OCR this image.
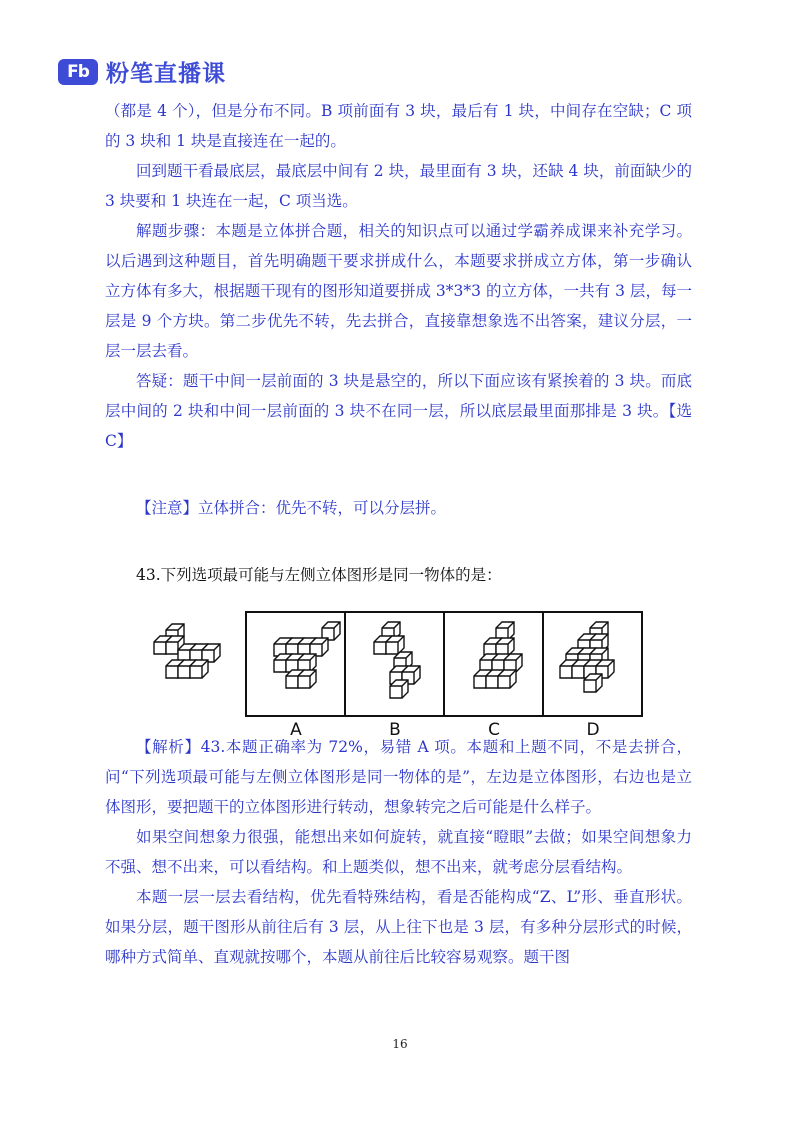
Fb 粉笔直播课

（都是 4 个），但是分布不同。B 项前面有 3 块，最后有 1 块，中间存在空缺；C 项的 3 块和 1 块是直接连在一起的。

回到题干看最底层，最底层中间有 2 块，最里面有 3 块，还缺 4 块，前面缺少的 3 块要和 1 块连在一起，C 项当选。

解题步骤：本题是立体拼合题，相关的知识点可以通过学霸养成课来补充学习。以后遇到这种题目，首先明确题干要求拼成什么，本题要求拼成立方体，第一步确认立方体有多大，根据题干现有的图形知道要拼成 3*3*3 的立方体，一共有 3 层，每一层是 9 个方块。第二步优先不转，先去拼合，直接靠想象选不出答案，建议分层，一层一层去看。

答疑：题干中间一层前面的 3 块是悬空的，所以下面应该有紧挨着的 3 块。而底层中间的 2 块和中间一层前面的 3 块不在同一层，所以底层最里面那排是 3 块。【选 C】

【注意】立体拼合：优先不转，可以分层拼。

43.下列选项最可能与左侧立体图形是同一物体的是：

【解析】43.本题正确率为 72%，易错 A 项。本题和上题不同，不是去拼合，问“下列选项最可能与左侧立体图形是同一物体的是”，左边是立体图形，右边也是立体图形，要把题干的立体图形进行转动，想象转完之后可能是什么样子。

如果空间想象力很强，能想出来如何旋转，就直接“瞪眼”去做；如果空间想象力不强、想不出来，可以看结构。和上题类似，想不出来，就考虑分层看结构。

本题一层一层去看结构，优先看特殊结构，看是否能构成“Z、L”形、垂直形状。如果分层，题干图形从前往后有 3 层，从上往下也是 3 层，有多种分层形式的时候，哪种方式简单、直观就按哪个，本题从前往后比较容易观察。题干图

A	B	C	D
16
